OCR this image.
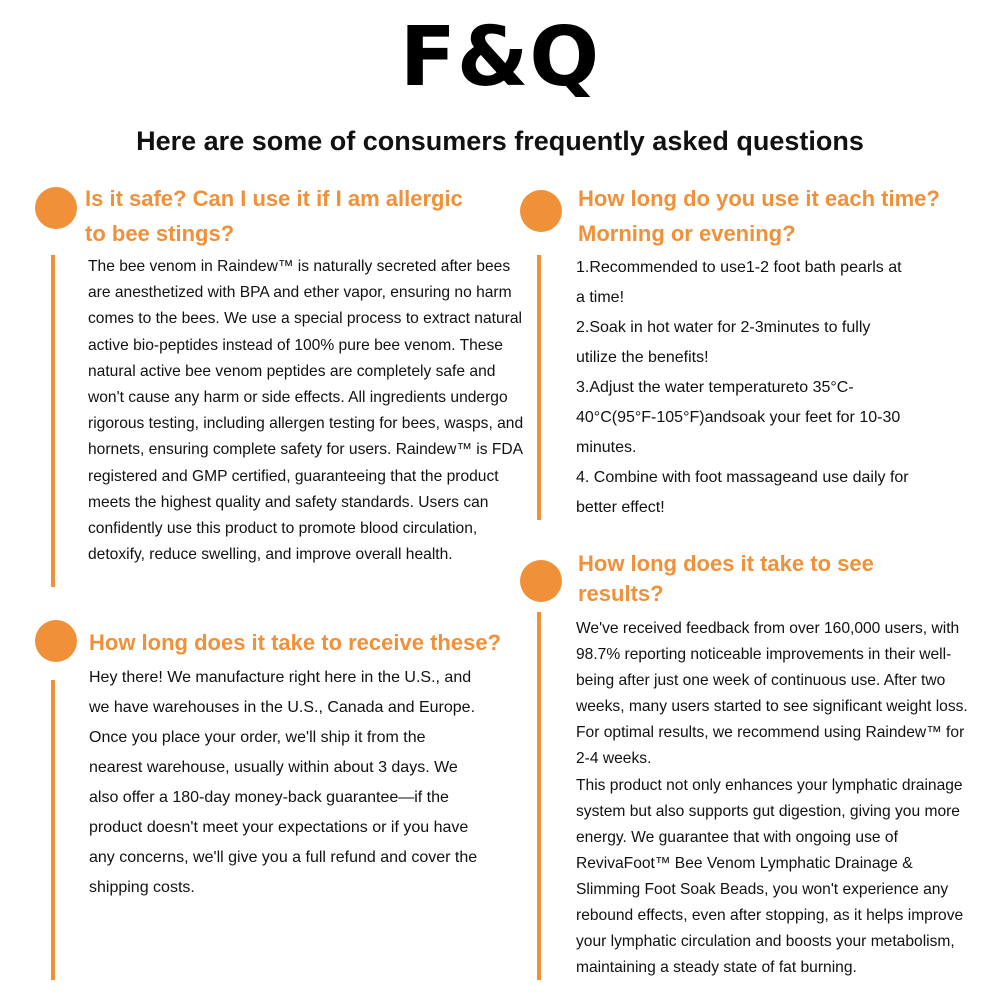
F&Q
Here are some of consumers frequently asked questions
Is it safe? Can I use it if I am allergic to bee stings?
The bee venom in Raindew™ is naturally secreted after bees are anesthetized with BPA and ether vapor, ensuring no harm comes to the bees. We use a special process to extract natural active bio-peptides instead of 100% pure bee venom. These natural active bee venom peptides are completely safe and won't cause any harm or side effects. All ingredients undergo rigorous testing, including allergen testing for bees, wasps, and hornets, ensuring complete safety for users. Raindew™ is FDA registered and GMP certified, guaranteeing that the product meets the highest quality and safety standards. Users can confidently use this product to promote blood circulation, detoxify, reduce swelling, and improve overall health.
How long does it take to receive these?
Hey there! We manufacture right here in the U.S., and we have warehouses in the U.S., Canada and Europe. Once you place your order, we'll ship it from the nearest warehouse, usually within about 3 days. We also offer a 180-day money-back guarantee—if the product doesn't meet your expectations or if you have any concerns, we'll give you a full refund and cover the shipping costs.
How long do you use it each time? Morning or evening?

1.Recommended to use1-2 foot bath pearls at a time!

2.Soak in hot water for 2-3minutes to fully utilize the benefits!

3.Adjust the water temperatureto 35°C-40°C(95°F-105°F)andsoak your feet for 10-30 minutes.

4. Combine with foot massageand use daily for better effect!

How long does it take to see results?

We've received feedback from over 160,000 users, with 98.7% reporting noticeable improvements in their well-being after just one week of continuous use. After two weeks, many users started to see significant weight loss. For optimal results, we recommend using Raindew™ for 2-4 weeks.

This product not only enhances your lymphatic drainage system but also supports gut digestion, giving you more energy. We guarantee that with ongoing use of RevivaFoot™ Bee Venom Lymphatic Drainage & Slimming Foot Soak Beads, you won't experience any rebound effects, even after stopping, as it helps improve your lymphatic circulation and boosts your metabolism, maintaining a steady state of fat burning.
